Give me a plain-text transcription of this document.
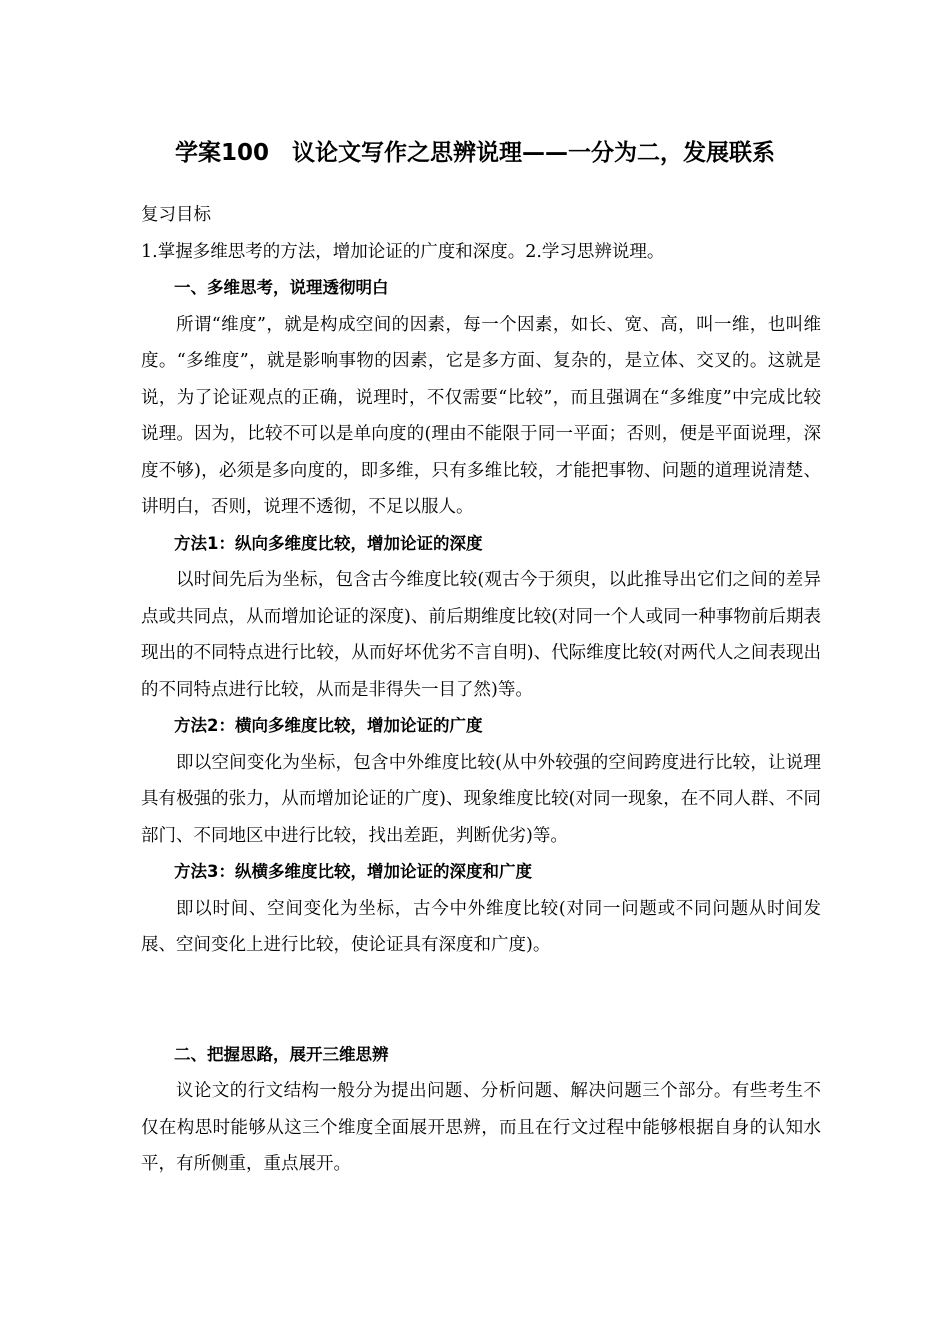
学案100　议论文写作之思辨说理——一分为二，发展联系

复习目标

1.掌握多维思考的方法，增加论证的广度和深度。2.学习思辨说理。

一、多维思考，说理透彻明白

所谓“维度”，就是构成空间的因素，每一个因素，如长、宽、高，叫一维，也叫维度。“多维度”，就是影响事物的因素，它是多方面、复杂的，是立体、交叉的。这就是说，为了论证观点的正确，说理时，不仅需要“比较”，而且强调在“多维度”中完成比较说理。因为，比较不可以是单向度的(理由不能限于同一平面；否则，便是平面说理，深度不够)，必须是多向度的，即多维，只有多维比较，才能把事物、问题的道理说清楚、讲明白，否则，说理不透彻，不足以服人。

方法1：纵向多维度比较，增加论证的深度

以时间先后为坐标，包含古今维度比较(观古今于须臾，以此推导出它们之间的差异点或共同点，从而增加论证的深度)、前后期维度比较(对同一个人或同一种事物前后期表现出的不同特点进行比较，从而好坏优劣不言自明)、代际维度比较(对两代人之间表现出的不同特点进行比较，从而是非得失一目了然)等。

方法2：横向多维度比较，增加论证的广度

即以空间变化为坐标，包含中外维度比较(从中外较强的空间跨度进行比较，让说理具有极强的张力，从而增加论证的广度)、现象维度比较(对同一现象，在不同人群、不同部门、不同地区中进行比较，找出差距，判断优劣)等。

方法3：纵横多维度比较，增加论证的深度和广度

即以时间、空间变化为坐标，古今中外维度比较(对同一问题或不同问题从时间发展、空间变化上进行比较，使论证具有深度和广度)。

二、把握思路，展开三维思辨

议论文的行文结构一般分为提出问题、分析问题、解决问题三个部分。有些考生不仅在构思时能够从这三个维度全面展开思辨，而且在行文过程中能够根据自身的认知水平，有所侧重，重点展开。
